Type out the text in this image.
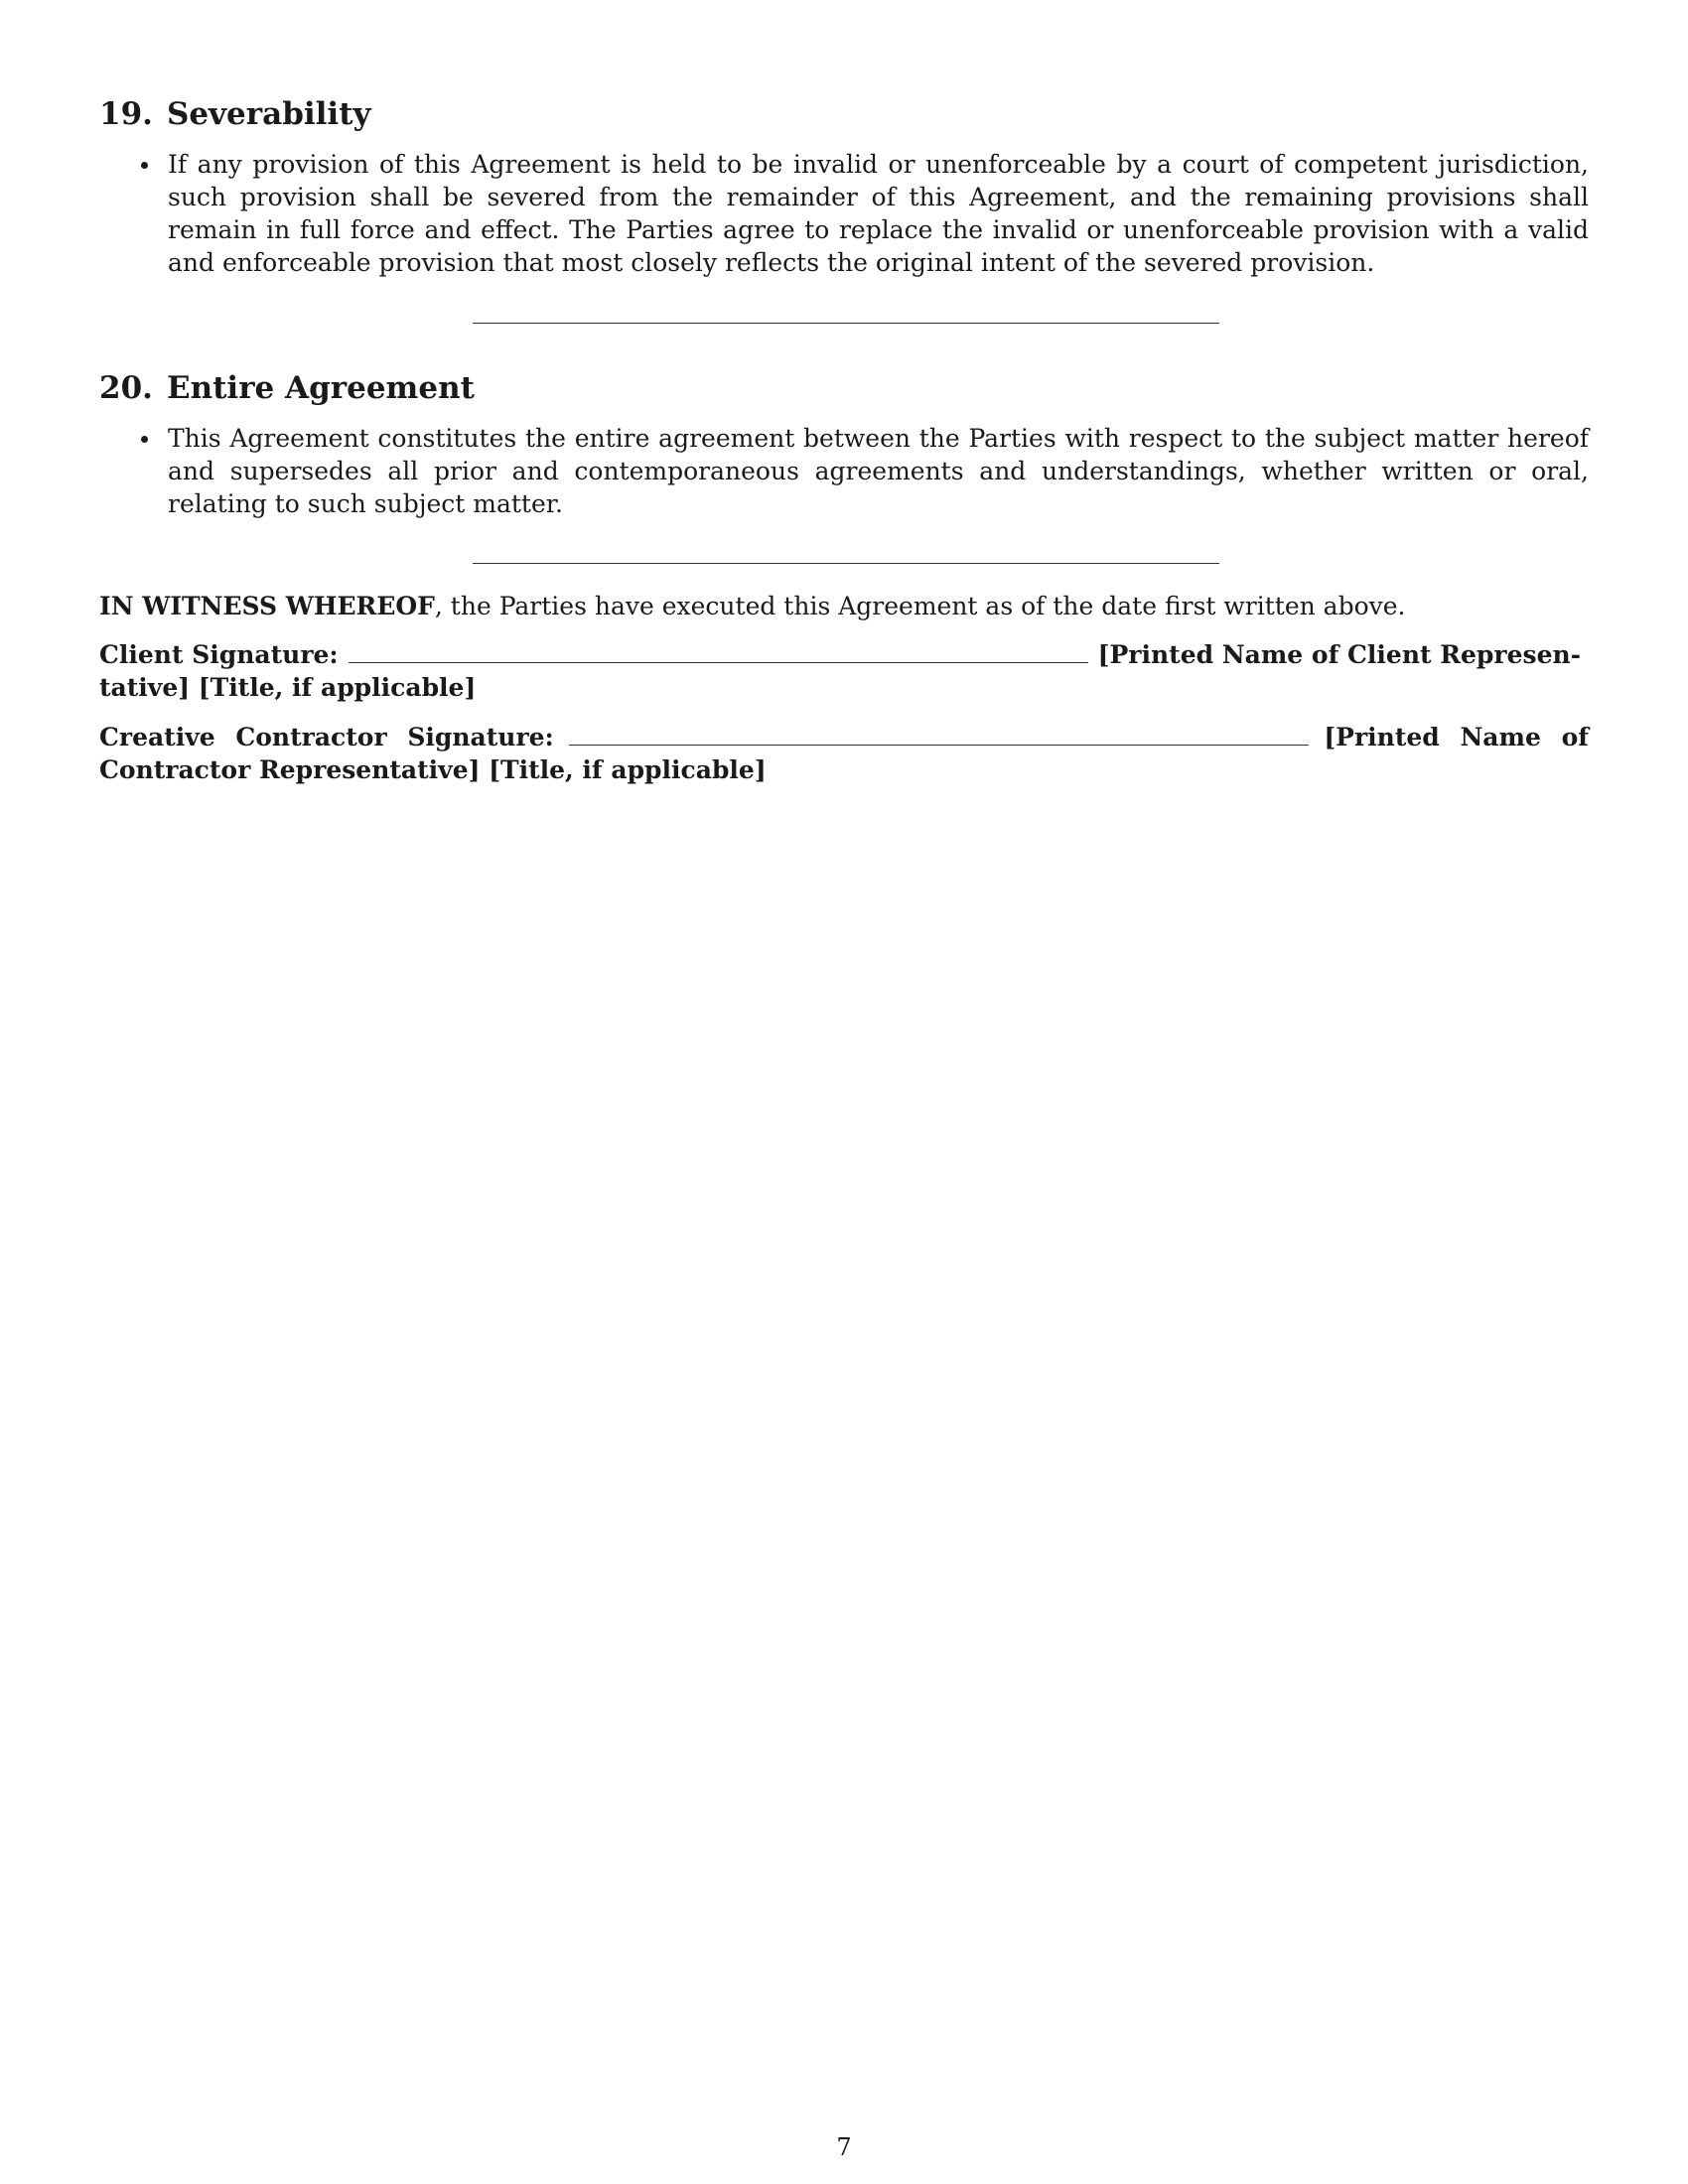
19. Severability
If any provision of this Agreement is held to be invalid or unenforceable by a court of competent jurisdiction, such provision shall be severed from the remainder of this Agreement, and the remaining provisions shall remain in full force and effect. The Parties agree to replace the invalid or unenforceable provision with a valid and enforceable provision that most closely reflects the original intent of the severed provision.
20. Entire Agreement
This Agreement constitutes the entire agreement between the Parties with respect to the subject matter hereof and supersedes all prior and contemporaneous agreements and understandings, whether written or oral, relating to such subject matter.
IN WITNESS WHEREOF, the Parties have executed this Agreement as of the date first written above.
Client Signature:	[Printed Name of Client Represen-
tative] [Title, if applicable]
Creative Contractor Signature:	[Printed Name of
Contractor Representative] [Title, if applicable]
7
